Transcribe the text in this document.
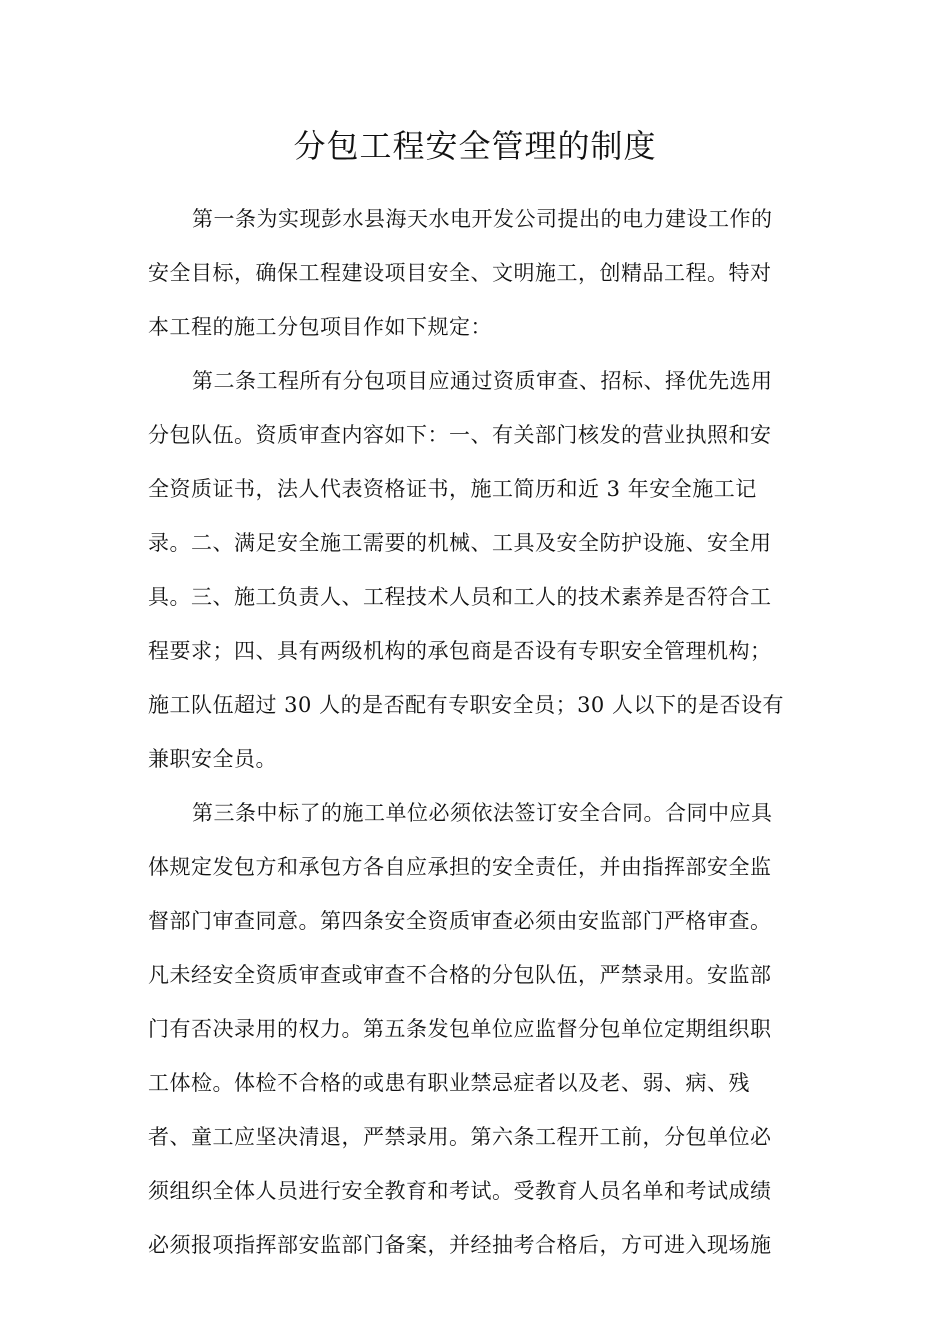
分包工程安全管理的制度
第一条为实现彭水县海天水电开发公司提出的电力建设工作的
安全目标，确保工程建设项目安全、文明施工，创精品工程。特对
本工程的施工分包项目作如下规定：
第二条工程所有分包项目应通过资质审查、招标、择优先选用
分包队伍。资质审查内容如下：一、有关部门核发的营业执照和安
全资质证书，法人代表资格证书，施工简历和近 3 年安全施工记
录。二、满足安全施工需要的机械、工具及安全防护设施、安全用
具。三、施工负责人、工程技术人员和工人的技术素养是否符合工
程要求；四、具有两级机构的承包商是否设有专职安全管理机构；
施工队伍超过 30 人的是否配有专职安全员；30 人以下的是否设有
兼职安全员。
第三条中标了的施工单位必须依法签订安全合同。合同中应具
体规定发包方和承包方各自应承担的安全责任，并由指挥部安全监
督部门审查同意。第四条安全资质审查必须由安监部门严格审查。
凡未经安全资质审查或审查不合格的分包队伍，严禁录用。安监部
门有否决录用的权力。第五条发包单位应监督分包单位定期组织职
工体检。体检不合格的或患有职业禁忌症者以及老、弱、病、残
者、童工应坚决清退，严禁录用。第六条工程开工前，分包单位必
须组织全体人员进行安全教育和考试。受教育人员名单和考试成绩
必须报项指挥部安监部门备案，并经抽考合格后，方可进入现场施
